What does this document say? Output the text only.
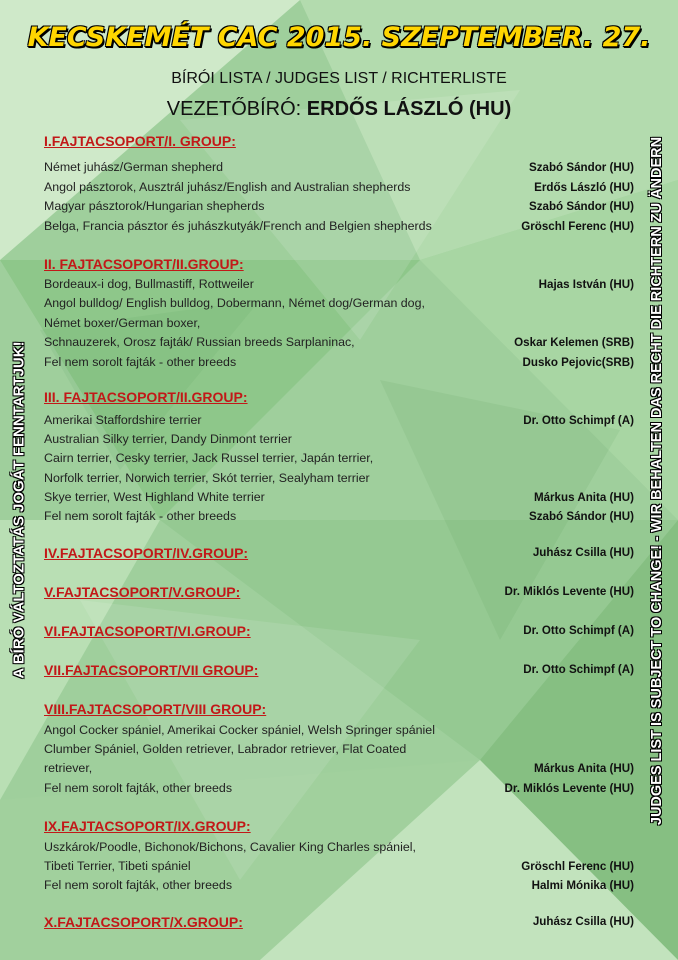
KECSKEMÉT CAC 2015. SZEPTEMBER. 27.
BÍRÓI LISTA / JUDGES LIST / RICHTERLISTE
VEZETŐBÍRÓ: ERDŐS LÁSZLÓ (HU)
A BÍRÓ VÁLTOZTATÁS JOGÁT FENNTARTJUK!	JUDGES LIST IS SUBJECT TO CHANGE! - WIR BEHALTEN DAS RECHT DIE RICHTERN ZU ÄNDERN
I.FAJTACSOPORT/I. GROUP:
Német juhász/German shepherd	Szabó Sándor (HU)
Angol pásztorok, Ausztrál juhász/English and Australian shepherds	Erdős László (HU)
Magyar pásztorok/Hungarian shepherds	Szabó Sándor (HU)
Belga, Francia pásztor és juhászkutyák/French and Belgien shepherds	Gröschl Ferenc (HU)
II. FAJTACSOPORT/II.GROUP:
Bordeaux-i dog, Bullmastiff, Rottweiler	Hajas István (HU)
Angol bulldog/ English bulldog, Dobermann, Német dog/German dog,
Német boxer/German boxer,
Schnauzerek, Orosz fajták/ Russian breeds Sarplaninac,	Oskar Kelemen (SRB)
Fel nem sorolt fajták - other breeds	Dusko Pejovic(SRB)
III. FAJTACSOPORT/II.GROUP:
Amerikai Staffordshire terrier	Dr. Otto Schimpf (A)
Australian Silky terrier, Dandy Dinmont terrier
Cairn terrier, Cesky terrier, Jack Russel terrier, Japán terrier,
Norfolk terrier, Norwich terrier, Skót terrier, Sealyham terrier
Skye terrier, West Highland White terrier	Márkus Anita (HU)
Fel nem sorolt fajták - other breeds	Szabó Sándor (HU)
IV.FAJTACSOPORT/IV.GROUP:	Juhász Csilla (HU)
V.FAJTACSOPORT/V.GROUP:	Dr. Miklós Levente (HU)
VI.FAJTACSOPORT/VI.GROUP:	Dr. Otto Schimpf (A)
VII.FAJTACSOPORT/VII GROUP:	Dr. Otto Schimpf (A)
VIII.FAJTACSOPORT/VIII GROUP:
Angol Cocker spániel, Amerikai Cocker spániel, Welsh Springer spániel
Clumber Spániel, Golden retriever, Labrador retriever, Flat Coated
retriever,	Márkus Anita (HU)
Fel nem sorolt fajták, other breeds	Dr. Miklós Levente (HU)
IX.FAJTACSOPORT/IX.GROUP:
Uszkárok/Poodle, Bichonok/Bichons, Cavalier King Charles spániel,
Tibeti Terrier, Tibeti spániel	Gröschl Ferenc (HU)
Fel nem sorolt fajták, other breeds	Halmi Mónika (HU)
X.FAJTACSOPORT/X.GROUP:	Juhász Csilla (HU)
